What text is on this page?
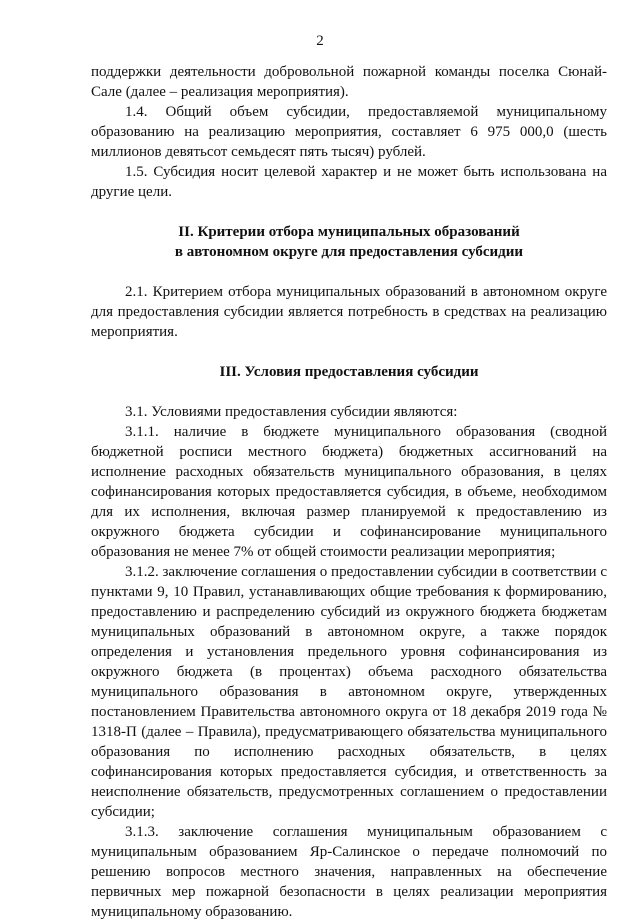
2

поддержки деятельности добровольной пожарной команды поселка Сюнай-Сале (далее – реализация мероприятия).

1.4. Общий объем субсидии, предоставляемой муниципальному образованию на реализацию мероприятия, составляет 6 975 000,0 (шесть миллионов девятьсот семьдесят пять тысяч) рублей.

1.5. Субсидия носит целевой характер и не может быть использована на другие цели.

II. Критерии отбора муниципальных образований

в автономном округе для предоставления субсидии

2.1. Критерием отбора муниципальных образований в автономном округе для предоставления субсидии является потребность в средствах на реализацию мероприятия.

III. Условия предоставления субсидии

3.1. Условиями предоставления субсидии являются:

3.1.1. наличие в бюджете муниципального образования (сводной бюджетной росписи местного бюджета) бюджетных ассигнований на исполнение расходных обязательств муниципального образования, в целях софинансирования которых предоставляется субсидия, в объеме, необходимом для их исполнения, включая размер планируемой к предоставлению из окружного бюджета субсидии и софинансирование муниципального образования не менее 7% от общей стоимости реализации мероприятия;

3.1.2. заключение соглашения о предоставлении субсидии в соответствии с пунктами 9, 10 Правил, устанавливающих общие требования к формированию, предоставлению и распределению субсидий из окружного бюджета бюджетам муниципальных образований в автономном округе, а также порядок определения и установления предельного уровня софинансирования из окружного бюджета (в процентах) объема расходного обязательства муниципального образования в автономном округе, утвержденных постановлением Правительства автономного округа от 18 декабря 2019 года № 1318-П (далее – Правила), предусматривающего обязательства муниципального образования по исполнению расходных обязательств, в целях софинансирования которых предоставляется субсидия, и ответственность за неисполнение обязательств, предусмотренных соглашением о предоставлении субсидии;

3.1.3. заключение соглашения муниципальным образованием с муниципальным образованием Яр-Салинское о передаче полномочий по решению вопросов местного значения, направленных на обеспечение первичных мер пожарной безопасности в целях реализации мероприятия муниципальному образованию.
